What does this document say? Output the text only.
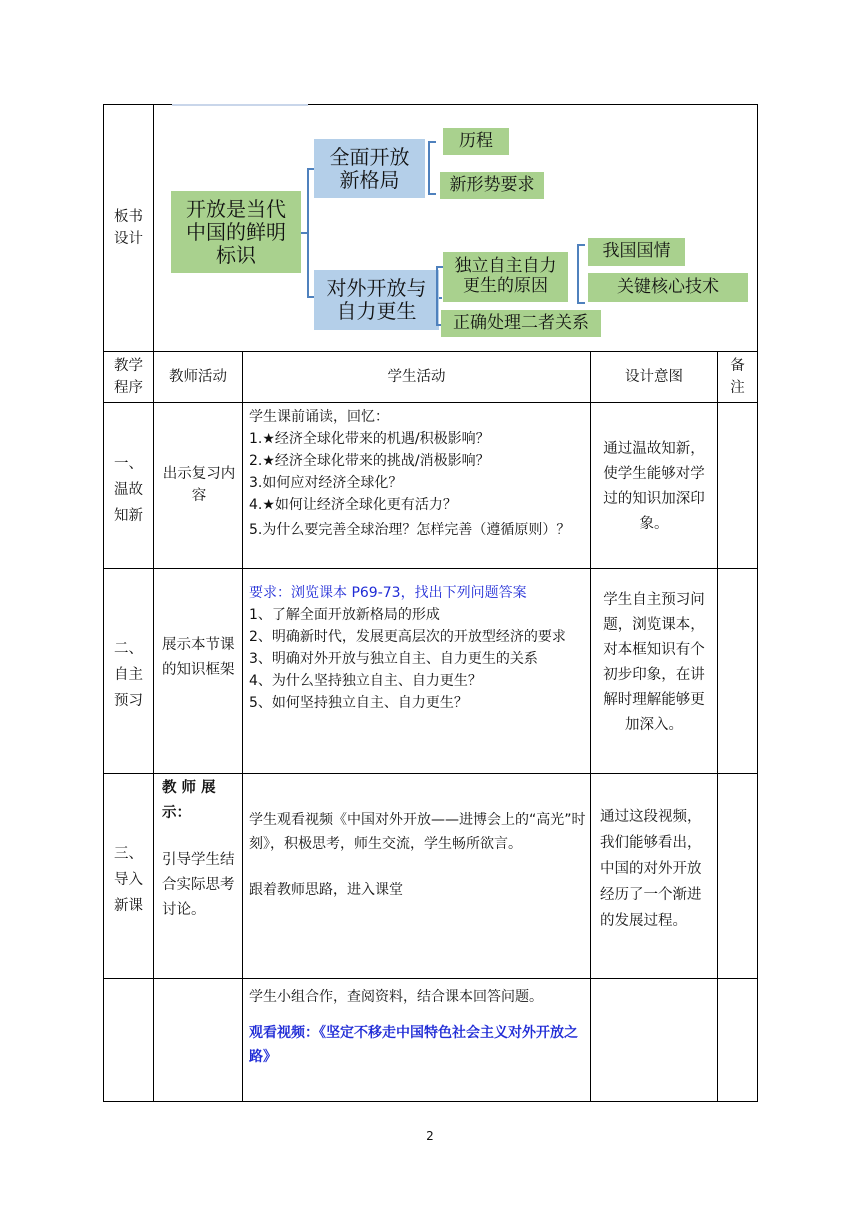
板书设计
开放是当代中国的鲜明标识
全面开放新格局
对外开放与自力更生
历程
新形势要求
独立自主自力更生的原因
正确处理二者关系
我国国情
关键核心技术
教学程序
教师活动	学生活动	设计意图
备注
一、温故知新
出示复习内容
学生课前诵读，回忆：
1.★经济全球化带来的机遇/积极影响？
2.★经济全球化带来的挑战/消极影响？
3.如何应对经济全球化？
4.★如何让经济全球化更有活力？
5.为什么要完善全球治理？怎样完善（遵循原则）？
通过温故知新，使学生能够对学过的知识加深印象。
二、自主预习
展示本节课的知识框架
要求：浏览课本 P69-73，找出下列问题答案
1、了解全面开放新格局的形成
2、明确新时代，发展更高层次的开放型经济的要求
3、明确对外开放与独立自主、自力更生的关系
4、为什么坚持独立自主、自力更生？
5、如何坚持独立自主、自力更生？
学生自主预习问题，浏览课本，对本框知识有个初步印象，在讲解时理解能够更加深入。
三、导入新课
教 师 展 示：
引导学生结合实际思考讨论。
学生观看视频《中国对外开放——进博会上的“高光”时刻》，积极思考，师生交流，学生畅所欲言。
跟着教师思路，进入课堂
通过这段视频，我们能够看出，中国的对外开放经历了一个渐进的发展过程。
学生小组合作，查阅资料，结合课本回答问题。
观看视频：《坚定不移走中国特色社会主义对外开放之路》
2
